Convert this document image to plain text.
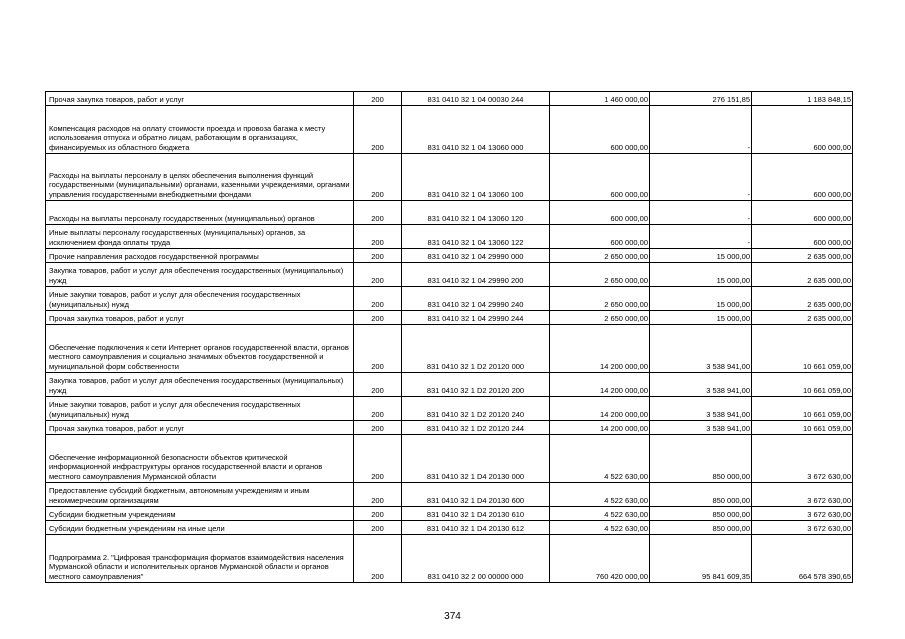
Прочая закупка товаров, работ и услуг	200	831 0410 32 1 04 00030 244	1 460 000,00	276 151,85	1 183 848,15
Компенсация расходов на оплату стоимости проезда и провоза багажа к месту использования отпуска и обратно лицам, работающим в организациях, финансируемых из областного бюджета	200	831 0410 32 1 04 13060 000	600 000,00	-	600 000,00
Расходы на выплаты персоналу в целях обеспечения выполнения функций государственными (муниципальными) органами, казенными учреждениями, органами управления государственными внебюджетными фондами	200	831 0410 32 1 04 13060 100	600 000,00	-	600 000,00
Расходы на выплаты персоналу государственных (муниципальных) органов	200	831 0410 32 1 04 13060 120	600 000,00	-	600 000,00
Иные выплаты персоналу государственных (муниципальных) органов, за исключением фонда оплаты труда	200	831 0410 32 1 04 13060 122	600 000,00	-	600 000,00
Прочие направления расходов государственной программы	200	831 0410 32 1 04 29990 000	2 650 000,00	15 000,00	2 635 000,00
Закупка товаров, работ и услуг для обеспечения государственных (муниципальных) нужд	200	831 0410 32 1 04 29990 200	2 650 000,00	15 000,00	2 635 000,00
Иные закупки товаров, работ и услуг для обеспечения государственных (муниципальных) нужд	200	831 0410 32 1 04 29990 240	2 650 000,00	15 000,00	2 635 000,00
Прочая закупка товаров, работ и услуг	200	831 0410 32 1 04 29990 244	2 650 000,00	15 000,00	2 635 000,00
Обеспечение подключения к сети Интернет органов государственной власти, органов местного самоуправления и социально значимых объектов государственной и муниципальной форм собственности	200	831 0410 32 1 D2 20120 000	14 200 000,00	3 538 941,00	10 661 059,00
Закупка товаров, работ и услуг для обеспечения государственных (муниципальных) нужд	200	831 0410 32 1 D2 20120 200	14 200 000,00	3 538 941,00	10 661 059,00
Иные закупки товаров, работ и услуг для обеспечения государственных (муниципальных) нужд	200	831 0410 32 1 D2 20120 240	14 200 000,00	3 538 941,00	10 661 059,00
Прочая закупка товаров, работ и услуг	200	831 0410 32 1 D2 20120 244	14 200 000,00	3 538 941,00	10 661 059,00
Обеспечение информационной безопасности объектов критической информационной инфраструктуры органов государственной власти и органов местного самоуправления Мурманской области	200	831 0410 32 1 D4 20130 000	4 522 630,00	850 000,00	3 672 630,00
Предоставление субсидий бюджетным, автономным учреждениям и иным некоммерческим организациям	200	831 0410 32 1 D4 20130 600	4 522 630,00	850 000,00	3 672 630,00
Субсидии бюджетным учреждениям	200	831 0410 32 1 D4 20130 610	4 522 630,00	850 000,00	3 672 630,00
Субсидии бюджетным учреждениям на иные цели	200	831 0410 32 1 D4 20130 612	4 522 630,00	850 000,00	3 672 630,00
Подпрограмма 2. "Цифровая трансформация форматов взаимодействия населения Мурманской области и исполнительных органов Мурманской области и органов местного самоуправления"	200	831 0410 32 2 00 00000 000	760 420 000,00	95 841 609,35	664 578 390,65
374
